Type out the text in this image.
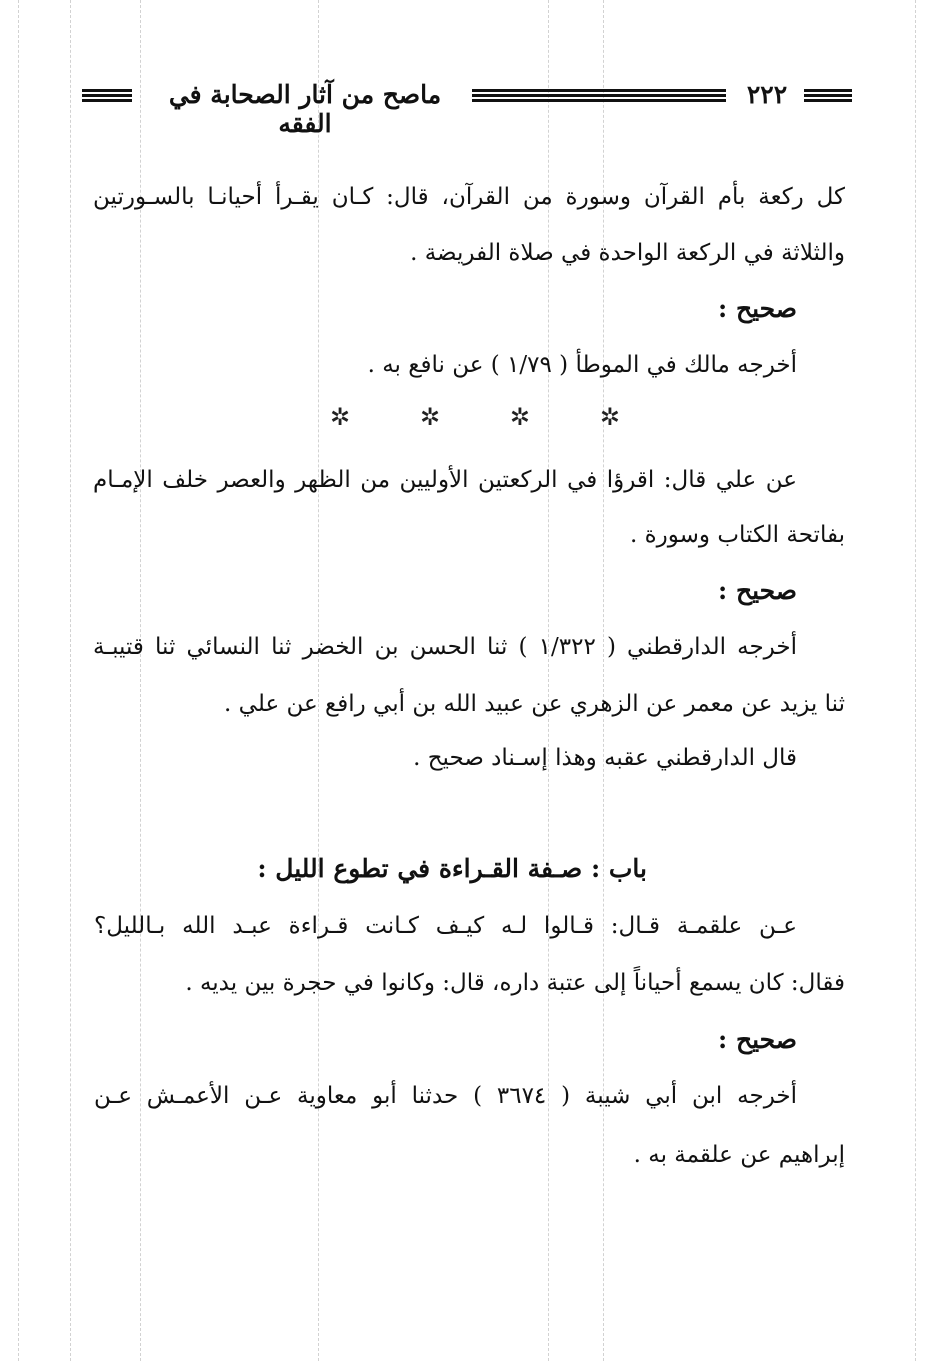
ماصح من آثار الصحابة في الفقه
٢٢٢
كل ركعة بأم القرآن وسورة من القرآن، قال: كـان يقـرأ أحيانـا بالسـورتين
والثلاثة في الركعة الواحدة في صلاة الفريضة .
صحيح :
أخرجه مالك في الموطأ ( ١/٧٩ ) عن نافع به .
✲	✲	✲	✲
عن علي قال: اقرؤا في الركعتين الأوليين من الظهر والعصر خلف الإمـام
بفاتحة الكتاب وسورة .
صحيح :
أخرجه الدارقطني ( ١/٣٢٢ ) ثنا الحسن بن الخضر ثنا النسائي ثنا قتيبـة
ثنا يزيد عن معمر عن الزهري عن عبيد الله بن أبي رافع عن علي .
قال الدارقطني عقبه وهذا إسـناد صحيح .
باب : صـفة القـراءة في تطوع الليل :
عـن علقمـة قـال: قـالوا لـه كيـف كـانت قـراءة عبـد الله بـالليل؟
فقال: كان يسمع أحياناً إلى عتبة داره، قال: وكانوا في حجرة بين يديه .
صحيح :
أخرجه ابن أبي شيبة ( ٣٦٧٤ ) حدثنا أبو معاوية عـن الأعمـش عـن
إبراهيم عن علقمة به .
